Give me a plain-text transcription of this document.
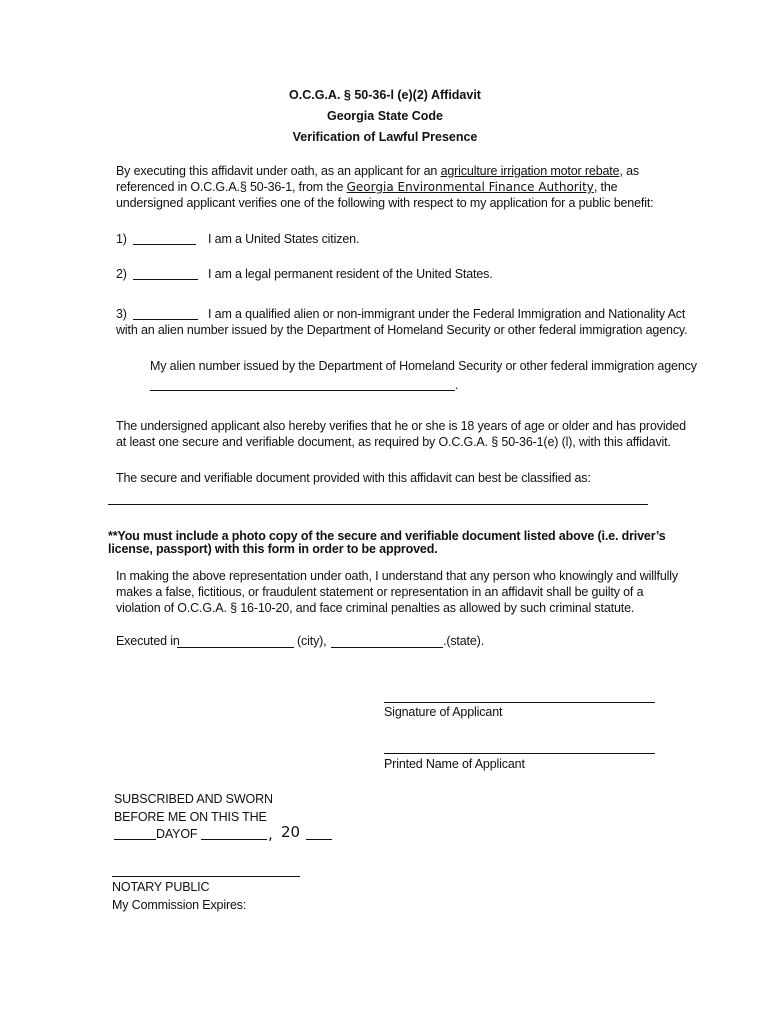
O.C.G.A. § 50-36-l (e)(2) Affidavit
Georgia State Code
Verification of Lawful Presence
By executing this affidavit under oath, as an applicant for an agriculture irrigation motor rebate, as
referenced in O.C.G.A.§ 50-36-1, from the Georgia Environmental Finance Authority, the
undersigned applicant verifies one of the following with respect to my application for a public benefit:
1)	I am a United States citizen.
2)	I am a legal permanent resident of the United States.
3)	I am a qualified alien or non-immigrant under the Federal Immigration and Nationality Act
with an alien number issued by the Department of Homeland Security or other federal immigration agency.
My alien number issued by the Department of Homeland Security or other federal immigration agency
.
The undersigned applicant also hereby verifies that he or she is 18 years of age or older and has provided
at least one secure and verifiable document, as required by O.C.G.A. § 50-36-1(e) (l), with this affidavit.
The secure and verifiable document provided with this affidavit can best be classified as:
**You must include a photo copy of the secure and verifiable document listed above (i.e. driver’s
license, passport) with this form in order to be approved.
In making the above representation under oath, I understand that any person who knowingly and willfully
makes a false, fictitious, or fraudulent statement or representation in an affidavit shall be guilty of a
violation of O.C.G.A. § 16-10-20, and face criminal penalties as allowed by such criminal statute.
Executed in	(city),	.(state).
Signature of Applicant
Printed Name of Applicant
SUBSCRIBED AND SWORN
BEFORE ME ON THIS THE
DAYOF	, 20
NOTARY PUBLIC
My Commission Expires:
